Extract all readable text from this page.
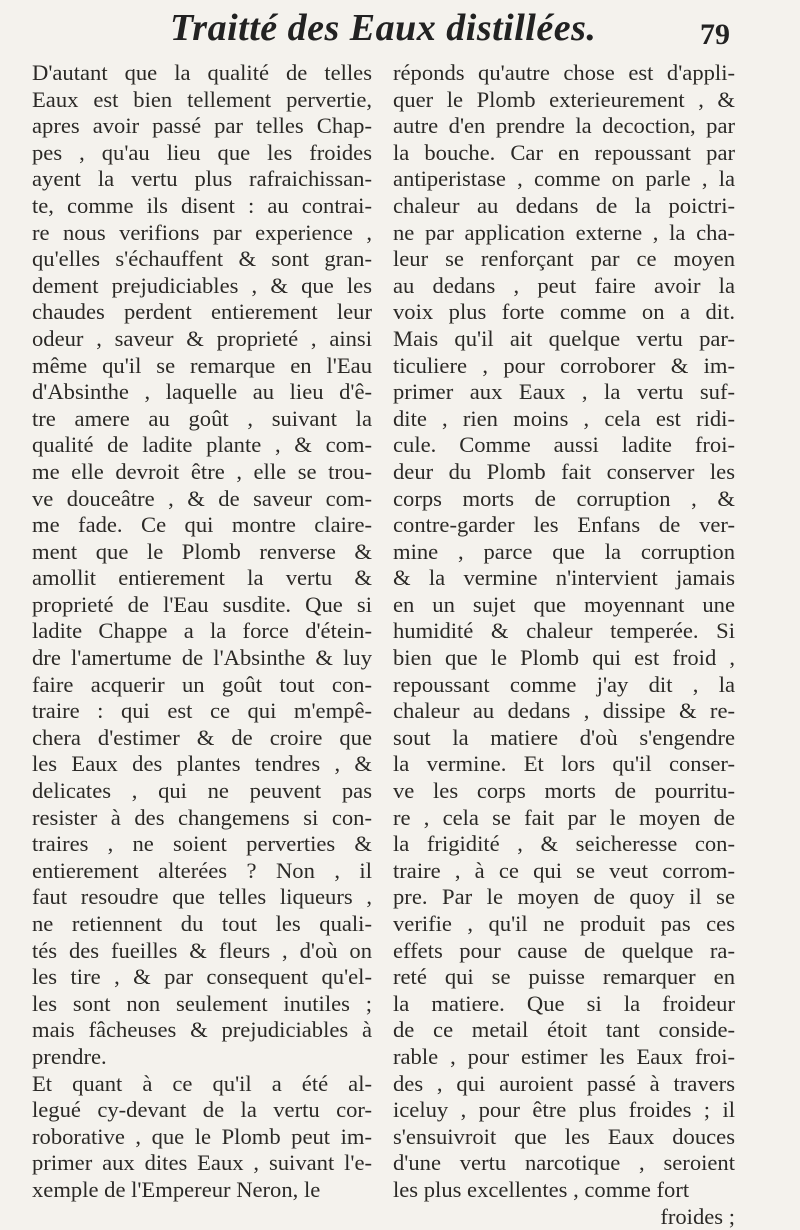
Traitté des Eaux distillées.	79
D'autant que la qualité de telles
Eaux est bien tellement pervertie,
apres avoir passé par telles Chap-
pes , qu'au lieu que les froides
ayent la vertu plus rafraichissan-
te, comme ils disent : au contrai-
re nous verifions par experience ,
qu'elles s'échauffent & sont gran-
dement prejudiciables , & que les
chaudes perdent entierement leur
odeur , saveur & proprieté , ainsi
même qu'il se remarque en l'Eau
d'Absinthe , laquelle au lieu d'ê-
tre amere au goût , suivant la
qualité de ladite plante , & com-
me elle devroit être , elle se trou-
ve douceâtre , & de saveur com-
me fade. Ce qui montre claire-
ment que le Plomb renverse &
amollit entierement la vertu &
proprieté de l'Eau susdite. Que si
ladite Chappe a la force d'étein-
dre l'amertume de l'Absinthe & luy
faire acquerir un goût tout con-
traire : qui est ce qui m'empê-
chera d'estimer & de croire que
les Eaux des plantes tendres , &
delicates , qui ne peuvent pas
resister à des changemens si con-
traires , ne soient perverties &
entierement alterées ? Non , il
faut resoudre que telles liqueurs ,
ne retiennent du tout les quali-
tés des fueilles & fleurs , d'où on
les tire , & par consequent qu'el-
les sont non seulement inutiles ;
mais fâcheuses & prejudiciables à
prendre.
Et quant à ce qu'il a été al-
legué cy-devant de la vertu cor-
roborative , que le Plomb peut im-
primer aux dites Eaux , suivant l'e-
xemple de l'Empereur Neron, le
réponds qu'autre chose est d'appli-
quer le Plomb exterieurement , &
autre d'en prendre la decoction, par
la bouche. Car en repoussant par
antiperistase , comme on parle , la
chaleur au dedans de la poictri-
ne par application externe , la cha-
leur se renforçant par ce moyen
au dedans , peut faire avoir la
voix plus forte comme on a dit.
Mais qu'il ait quelque vertu par-
ticuliere , pour corroborer & im-
primer aux Eaux , la vertu suf-
dite , rien moins , cela est ridi-
cule. Comme aussi ladite froi-
deur du Plomb fait conserver les
corps morts de corruption , &
contre-garder les Enfans de ver-
mine , parce que la corruption
& la vermine n'intervient jamais
en un sujet que moyennant une
humidité & chaleur temperée. Si
bien que le Plomb qui est froid ,
repoussant comme j'ay dit , la
chaleur au dedans , dissipe & re-
sout la matiere d'où s'engendre
la vermine. Et lors qu'il conser-
ve les corps morts de pourritu-
re , cela se fait par le moyen de
la frigidité , & seicheresse con-
traire , à ce qui se veut corrom-
pre. Par le moyen de quoy il se
verifie , qu'il ne produit pas ces
effets pour cause de quelque ra-
reté qui se puisse remarquer en
la matiere. Que si la froideur
de ce metail étoit tant conside-
rable , pour estimer les Eaux froi-
des , qui auroient passé à travers
iceluy , pour être plus froides ; il
s'ensuivroit que les Eaux douces
d'une vertu narcotique , seroient
les plus excellentes , comme fort
froides ;
